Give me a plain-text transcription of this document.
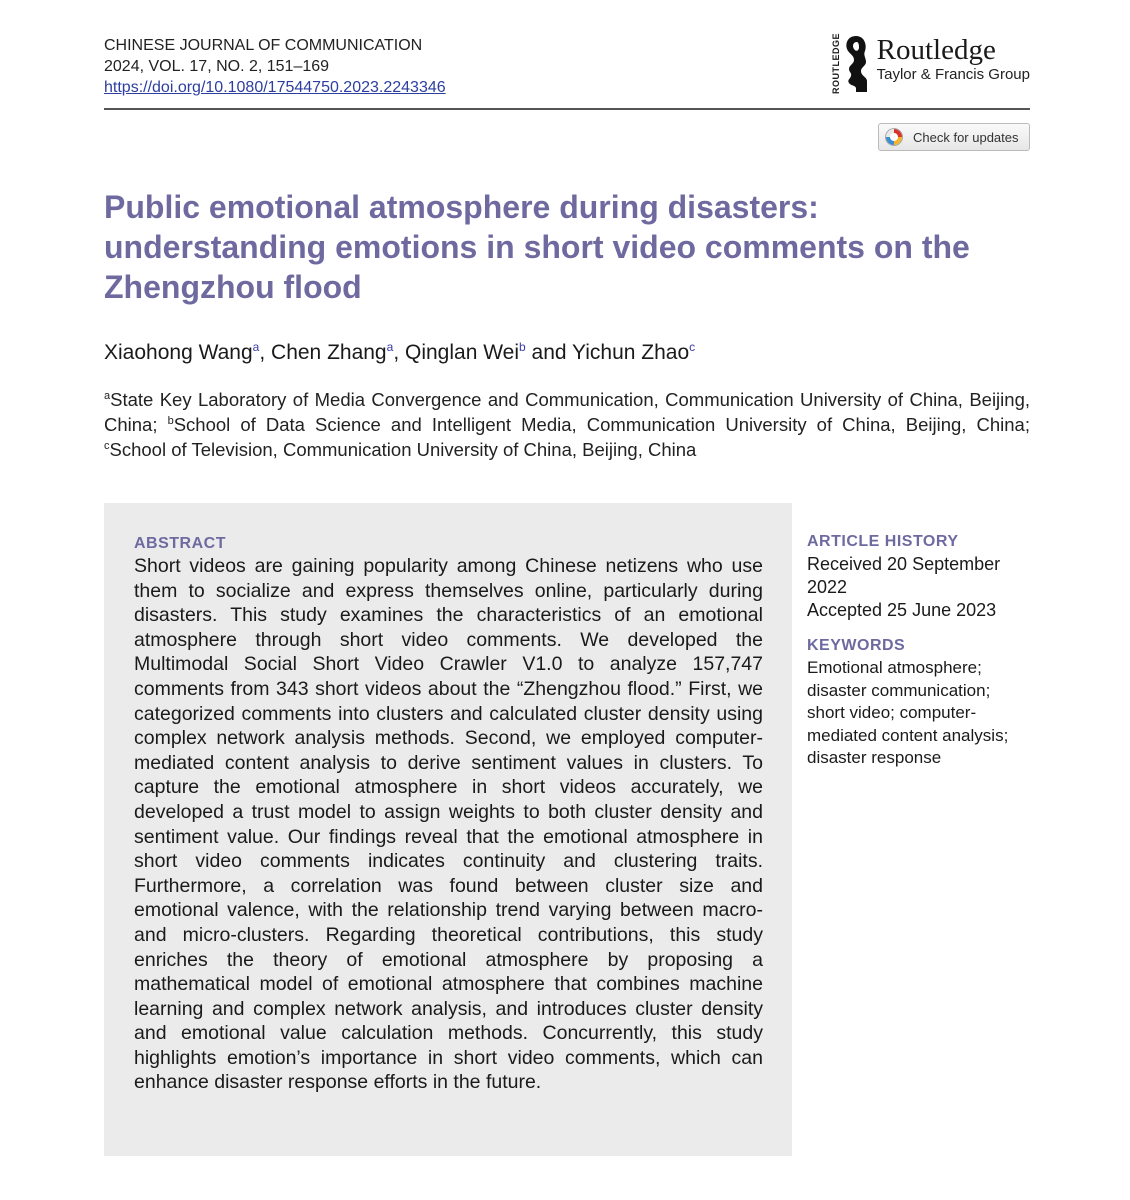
CHINESE JOURNAL OF COMMUNICATION
2024, VOL. 17, NO. 2, 151–169
https://doi.org/10.1080/17544750.2023.2243346	ROUTLEDGE Routledge
Taylor & Francis Group
Check for updates
Public emotional atmosphere during disasters: understanding emotions in short video comments on the Zhengzhou flood
Xiaohong Wang$^a$, Chen Zhang$^a$, Qinglan Wei$^b$ and Yichun Zhao$^c$
$^a$State Key Laboratory of Media Convergence and Communication, Communication University of China, Beijing, China; $^b$School of Data Science and Intelligent Media, Communication University of China, Beijing, China; $^c$School of Television, Communication University of China, Beijing, China
ABSTRACT
Short videos are gaining popularity among Chinese netizens who use them to socialize and express themselves online, particularly during disasters. This study examines the characteristics of an emotional atmosphere through short video comments. We developed the Multimodal Social Short Video Crawler V1.0 to analyze 157,747 comments from 343 short videos about the “Zhengzhou flood.” First, we categorized comments into clusters and calculated cluster density using complex network analysis methods. Second, we employed computer-mediated content analysis to derive sentiment values in clusters. To capture the emotional atmosphere in short videos accurately, we developed a trust model to assign weights to both cluster density and sentiment value. Our findings reveal that the emotional atmosphere in short video comments indicates continuity and clustering traits. Furthermore, a correlation was found between cluster size and emotional valence, with the relationship trend varying between macro- and micro-clusters. Regarding theoretical contributions, this study enriches the theory of emotional atmosphere by proposing a mathematical model of emotional atmosphere that combines machine learning and complex network analysis, and introduces cluster density and emotional value calculation methods. Concurrently, this study highlights emotion’s importance in short video comments, which can enhance disaster response efforts in the future.
ARTICLE HISTORY
Received 20 September 2022
Accepted 25 June 2023
KEYWORDS
Emotional atmosphere; disaster communication; short video; computer-mediated content analysis; disaster response
